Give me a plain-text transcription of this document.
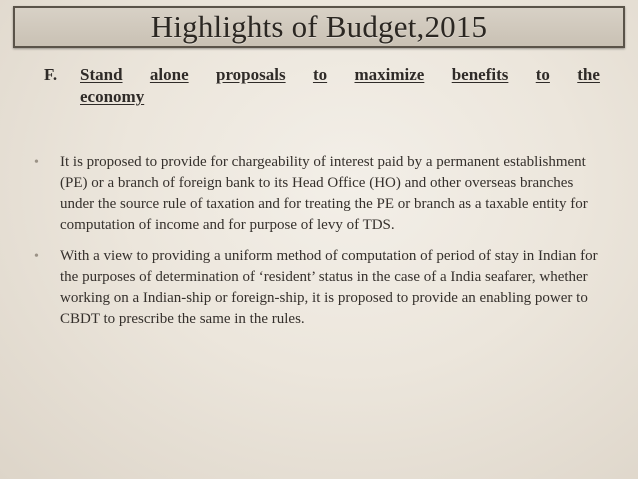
Highlights of Budget,2015
F.	Stand alone proposals to maximize benefits to the
economy
•	It is proposed to provide for chargeability of interest paid by a permanent establishment (PE) or a branch of foreign bank to its Head Office (HO) and other overseas branches under the source rule of taxation and for treating the PE or branch as a taxable entity for computation of income and for purpose of levy of TDS.
•	With a view to providing a uniform method of computation of period of stay in Indian for the purposes of determination of ‘resident’ status in the case of a India seafarer, whether working on a Indian-ship or foreign-ship, it is proposed to provide an enabling power to CBDT to prescribe the same in the rules.
